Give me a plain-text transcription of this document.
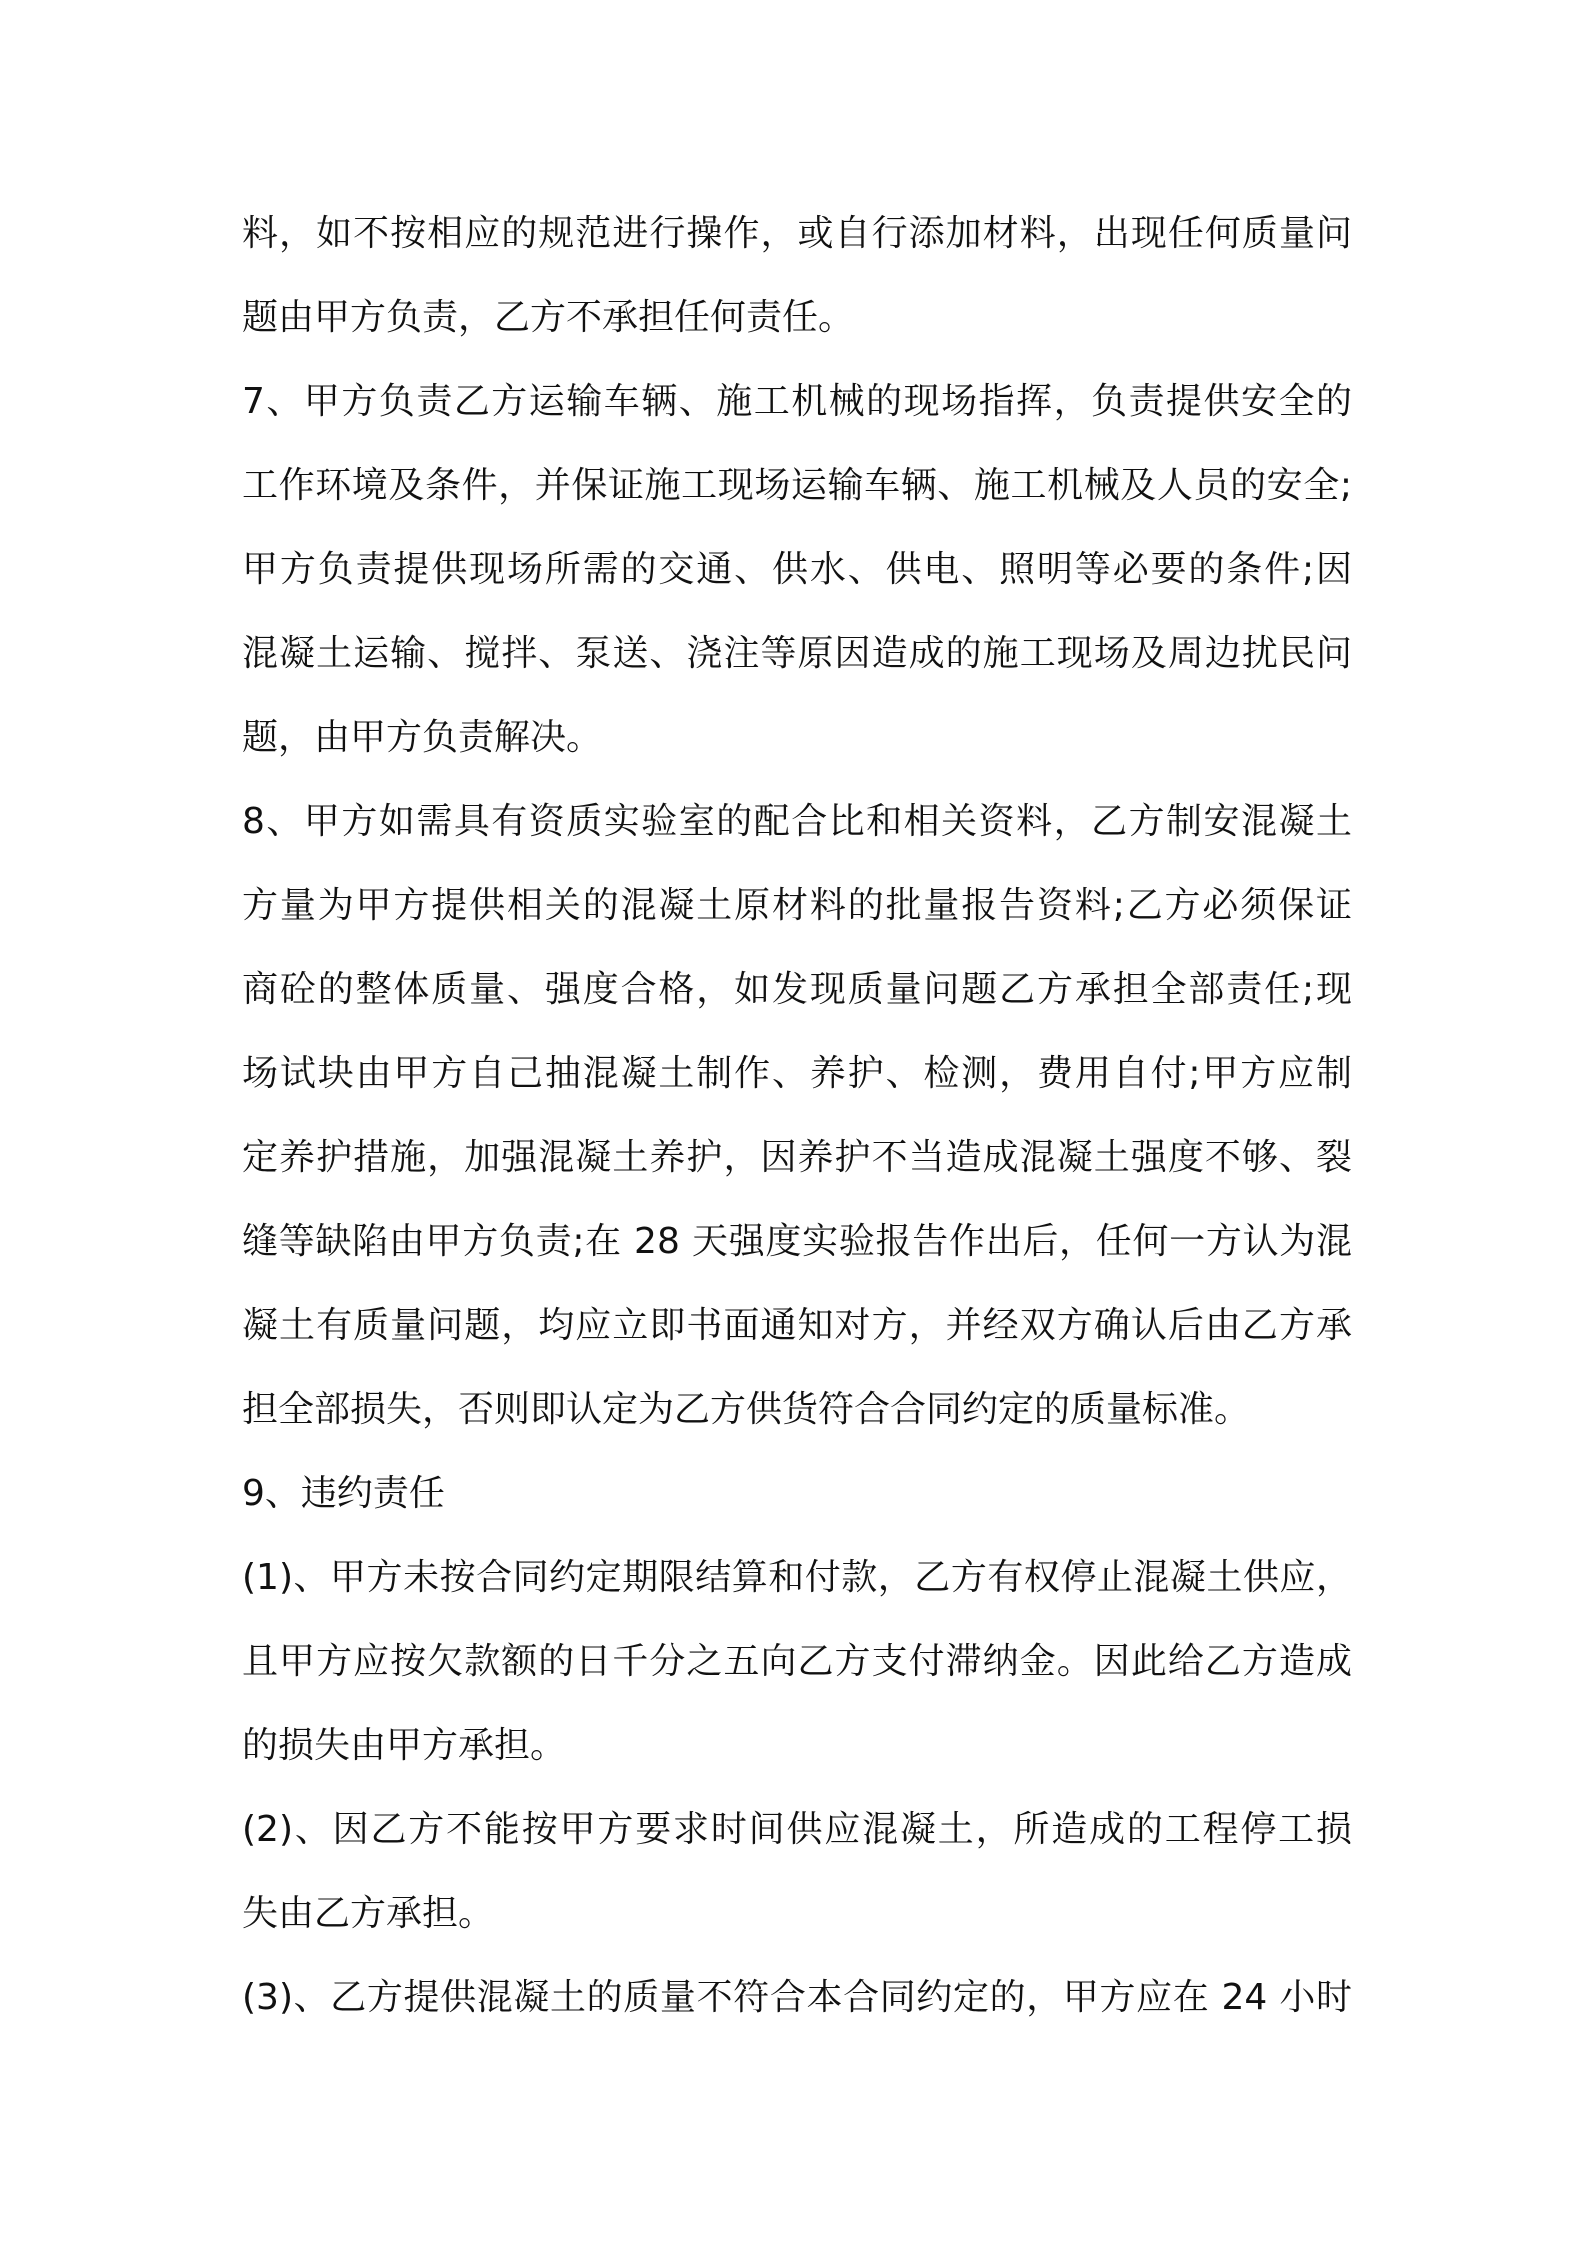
料，如不按相应的规范进行操作，或自行添加材料，出现任何质量问
题由甲方负责，乙方不承担任何责任。
7、甲方负责乙方运输车辆、施工机械的现场指挥，负责提供安全的
工作环境及条件，并保证施工现场运输车辆、施工机械及人员的安全;
甲方负责提供现场所需的交通、供水、供电、照明等必要的条件;因
混凝土运输、搅拌、泵送、浇注等原因造成的施工现场及周边扰民问
题，由甲方负责解决。
8、甲方如需具有资质实验室的配合比和相关资料，乙方制安混凝土
方量为甲方提供相关的混凝土原材料的批量报告资料;乙方必须保证
商砼的整体质量、强度合格，如发现质量问题乙方承担全部责任;现
场试块由甲方自己抽混凝土制作、养护、检测，费用自付;甲方应制
定养护措施，加强混凝土养护，因养护不当造成混凝土强度不够、裂
缝等缺陷由甲方负责;在 28 天强度实验报告作出后，任何一方认为混
凝土有质量问题，均应立即书面通知对方，并经双方确认后由乙方承
担全部损失，否则即认定为乙方供货符合合同约定的质量标准。
9、违约责任
(1)、甲方未按合同约定期限结算和付款，乙方有权停止混凝土供应，
且甲方应按欠款额的日千分之五向乙方支付滞纳金。因此给乙方造成
的损失由甲方承担。
(2)、因乙方不能按甲方要求时间供应混凝土，所造成的工程停工损
失由乙方承担。
(3)、乙方提供混凝土的质量不符合本合同约定的，甲方应在 24 小时
